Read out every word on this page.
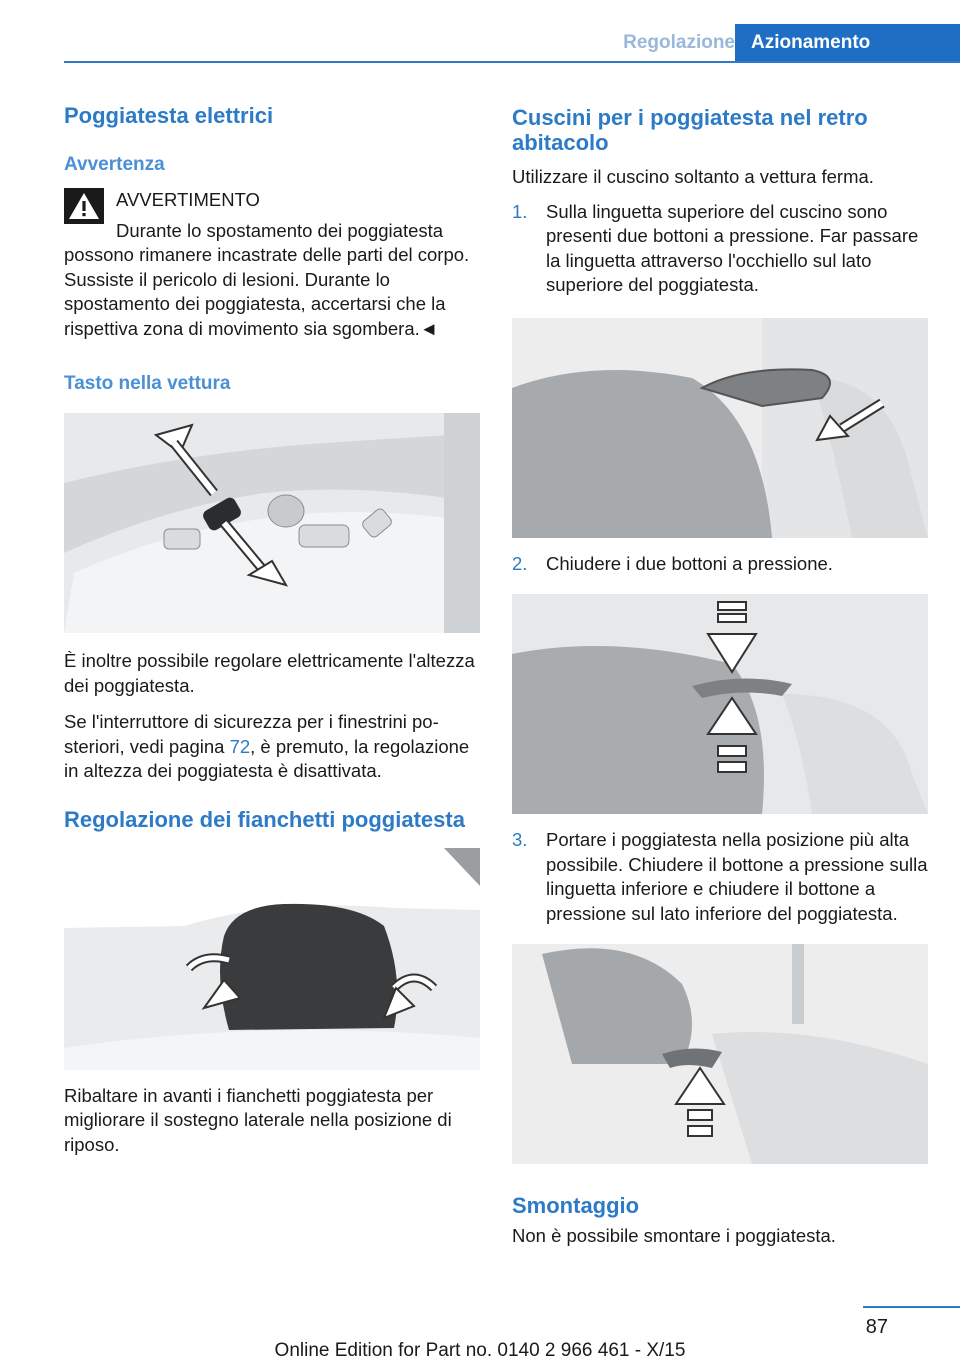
Regolazione Azionamento
Poggiatesta elettrici
Avvertenza
AVVERTIMENTO
Durante lo spostamento dei poggiatesta
possono rimanere incastrate delle parti del corpo. Sussiste il pericolo di lesioni. Durante lo spostamento dei poggiatesta, accertarsi che la rispettiva zona di movimento sia sgombera.◄
Tasto nella vettura
È inoltre possibile regolare elettricamente l'altezza dei poggiatesta.
Se l'interruttore di sicurezza per i finestrini posteriori, vedi pagina 72, è premuto, la regolazione in altezza dei poggiatesta è disattivata.
Regolazione dei fianchetti poggiatesta
Ribaltare in avanti i fianchetti poggiatesta per migliorare il sostegno laterale nella posizione di riposo.
Cuscini per i poggiatesta nel retro abitacolo
Utilizzare il cuscino soltanto a vettura ferma.
1.	Sulla linguetta superiore del cuscino sono presenti due bottoni a pressione. Far passare la linguetta attraverso l'occhiello sul lato superiore del poggiatesta.
2.	Chiudere i due bottoni a pressione.
3.	Portare i poggiatesta nella posizione più alta possibile. Chiudere il bottone a pressione sulla linguetta inferiore e chiudere il bottone a pressione sul lato inferiore del poggiatesta.
Smontaggio
Non è possibile smontare i poggiatesta.
87
Online Edition for Part no. 0140 2 966 461 - X/15
